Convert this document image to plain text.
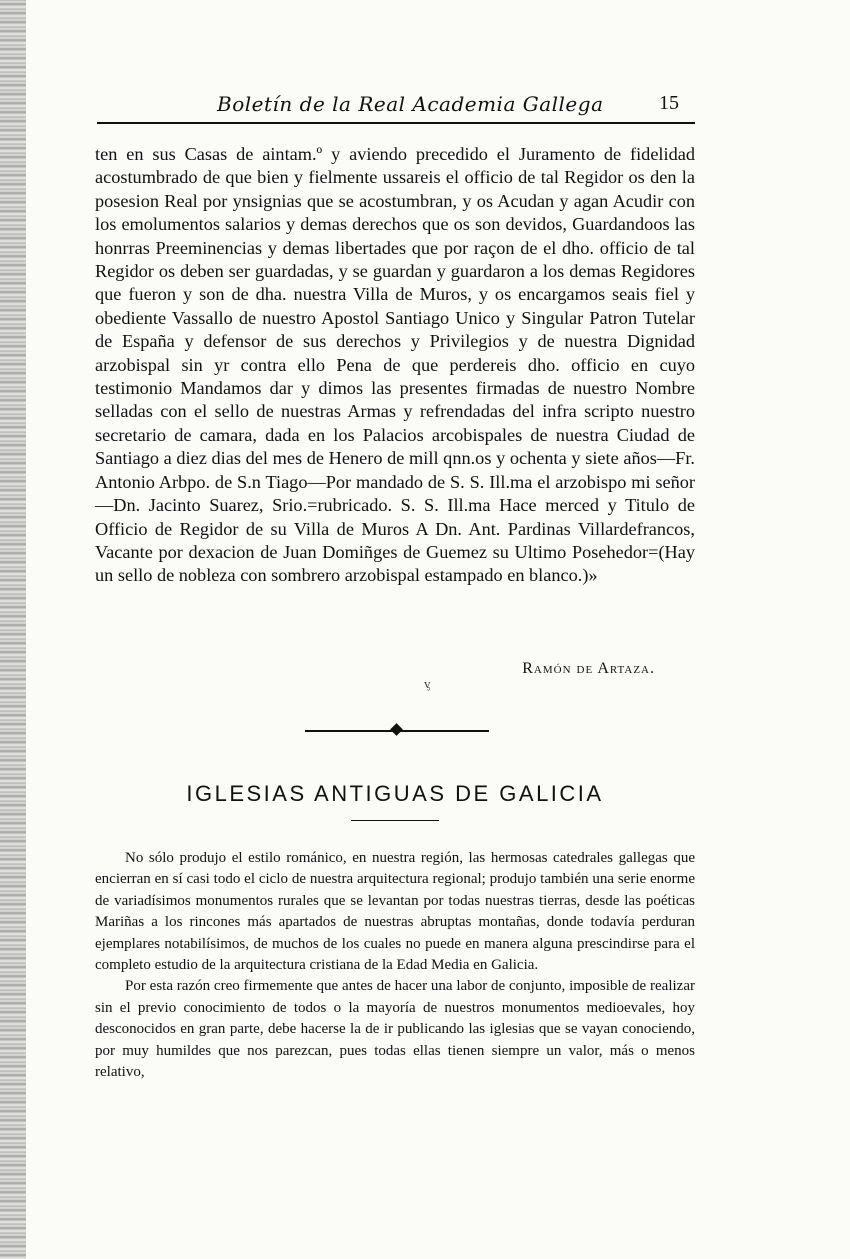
Boletín de la Real Academia Gallega	15
ten en sus Casas de aintam.º y aviendo precedido el Juramento de fidelidad acostumbrado de que bien y fielmente ussareis el officio de tal Regidor os den la posesion Real por ynsignias que se acostumbran, y os Acudan y agan Acudir con los emolumentos salarios y demas derechos que os son devidos, Guardandoos las honrras Preeminencias y demas libertades que por raçon de el dho. officio de tal Regidor os deben ser guardadas, y se guardan y guardaron a los demas Regidores que fueron y son de dha. nuestra Villa de Muros, y os encargamos seais fiel y obediente Vassallo de nuestro Apostol Santiago Unico y Singular Patron Tutelar de España y defensor de sus derechos y Privilegios y de nuestra Dignidad arzobispal sin yr contra ello Pena de que perdereis dho. officio en cuyo testimonio Mandamos dar y dimos las presentes firmadas de nuestro Nombre selladas con el sello de nuestras Armas y refrendadas del infra scripto nuestro secretario de camara, dada en los Palacios arcobispales de nuestra Ciudad de Santiago a diez dias del mes de Henero de mill qnn.os y ochenta y siete años—Fr. Antonio Arbpo. de S.n Tiago—Por mandado de S. S. Ill.ma el arzobispo mi señor—Dn. Jacinto Suarez, Srio.=rubricado. S. S. Ill.ma Hace merced y Titulo de Officio de Regidor de su Villa de Muros A Dn. Ant. Pardinas Villardefrancos, Vacante por dexacion de Juan Domiñges de Guemez su Ultimo Posehedor=(Hay un sello de nobleza con sombrero arzobispal estampado en blanco.)»
Ramón de Artaza.
ᶌ
IGLESIAS ANTIGUAS DE GALICIA

No sólo produjo el estilo románico, en nuestra región, las hermosas catedrales gallegas que encierran en sí casi todo el ciclo de nuestra arquitectura regional; produjo también una serie enorme de variadísimos monumentos rurales que se levantan por todas nuestras tierras, desde las poéticas Mariñas a los rincones más apartados de nuestras abruptas montañas, donde todavía perduran ejemplares notabilísimos, de muchos de los cuales no puede en manera alguna prescindirse para el completo estudio de la arquitectura cristiana de la Edad Media en Galicia.

Por esta razón creo firmemente que antes de hacer una labor de conjunto, imposible de realizar sin el previo conocimiento de todos o la mayoría de nuestros monumentos medioevales, hoy desconocidos en gran parte, debe hacerse la de ir publicando las iglesias que se vayan conociendo, por muy humildes que nos parezcan, pues todas ellas tienen siempre un valor, más o menos relativo,
